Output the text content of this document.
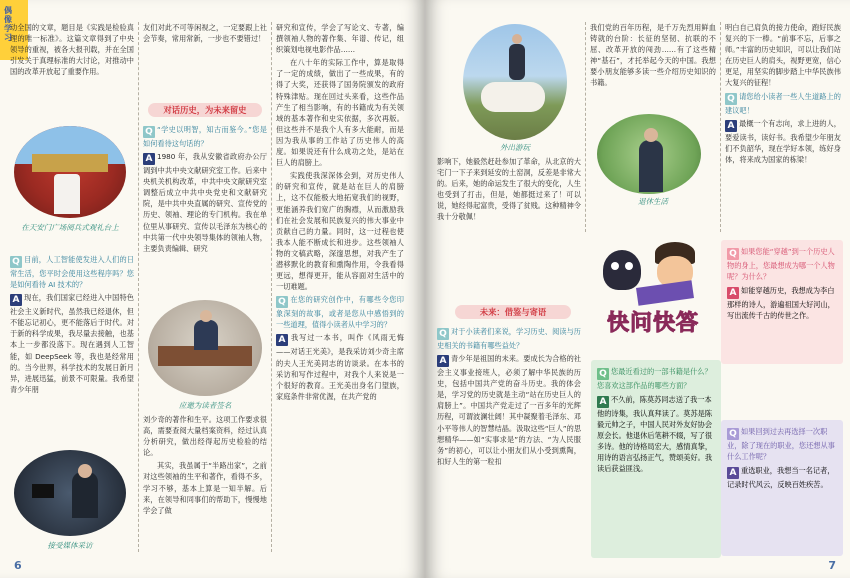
偶像学习

动全国的文章，题目是《实践是检验真理的唯一标准》。这篇文章得到了中央领导的重视，被各大报刊载，并在全国引发关于真理标准的大讨论，对推动中国的改革开放起了重要作用。

在天安门广场阅兵式观礼台上
Q 目前，人工智能使发进入人们的日常生活，您平时会使用这些程序吗？您是如何看待 AI 技术的？
A 现在，我们国家已经进入中国特色社会主义新时代，虽然我已经退休，但不能忘记初心，更不能落后于时代。对于新的科学成果，我尽量去接触，也基本上一步都没落下。现在遇到人工智能，如 DeepSeek 等，我也是经常用的。当今世界，科学技术的发展日新月异，进展迅猛，前景不可限量。我希望青少年朋
接受媒体采访

友们对此不可等闲视之，一定要跟上社会节奏，常用常新，一步也不要错过！

对话历史，为未来留史
Q “学史以明智，知古而鉴今。”您是如何看待这句话的？
A 1980 年，我从安徽省政府办公厅调到中共中央文献研究室工作。后来中央机关机构改革，中共中央文献研究室调整后成立中共中央党史和文献研究院，是中共中央直属的研究、宣传党的历史、领袖、理论的专门机构。我在单位里从事研究、宣传以毛泽东为核心的中共第一代中央领导集体的领袖人物，主要负责编辑、研究
应邀为读者签名

刘少奇的著作和生平。这项工作要求很高，需要查阅大量档案资料，经过认真分析研究，做出经得起历史检验的结论。

其实，我虽属于“半路出家”，之前对这些领袖的生平和著作，看得不多，学习不够，基本上算是一知半解。后来，在领导和同事们的帮助下，慢慢地学会了做

研究和宣传，学会了写论文、专著，编撰领袖人物的著作集、年谱、传记，组织策划电视电影作品……

在八十年的实际工作中，算是取得了一定的成绩，做出了一些成果，有的得了大奖，还获得了国务院颁发的政府特殊津贴。现在回过头来看，这些作品产生了相当影响，有的书籍成为有关领域的基本著作和史实依据，多次再版。但这些并不是我个人有多大能耐，而是因为我从事的工作站了历史伟人的高度。如果说还有什么成功之处，是站在巨人的肩膀上。

实践使我深深体会到，对历史伟人的研究和宣传，就是站在巨人的肩膀上，这不仅能极大地拓宽我们的视野，更能涵养我们宽广的胸襟，从而激励我们在社会发展和民族复兴的伟大事业中贡献自己的力量。同时，这一过程也使我本人能不断成长和进步。这些领袖人物的文稿武略，深邃思想，对我产生了潜移默化的教育和熏陶作用，令我看得更远，想得更开，能从容面对生活中的一切难题。

Q 在您的研究创作中，有哪些令您印象深刻的故事，或者是您从中感悟到的一些道理，值得小读者从中学习的？
A 我写过一本书，叫作《风雨无悔——对话王光美》，是我采访刘少奇主席的夫人王光美同志的访谈录。在本书的采访和写作过程中，对我个人来说是一个很好的教育。王光美出身名门望族，家庭条件非常优渥，在共产党的
6
外出游玩

影响下，她毅然赶赴参加了革命，从北京的大宅门一下子来到延安的土窑洞，反差是非常大的。后来，她的命运发生了很大的变化，人生也受到了打击，但是，她都挺过来了！可以说，她经得起富贵，受得了贫贱。这种精神令我十分敬佩！

未来：借鉴与寄语
Q 对于小读者们来说，学习历史、阅读与历史相关的书籍有哪些益处？
A 青少年是祖国的未来。要成长为合格的社会主义事业接班人，必须了解中华民族的历史，包括中国共产党的奋斗历史。我的体会是，学习党的历史就是主动“站在历史巨人的肩膀上”。中国共产党走过了一百多年的光辉历程，可谓波澜壮阔！其中凝聚着毛泽东、邓小平等伟人的智慧结晶。汲取这些“巨人”的思想精华——如“实事求是”的方法、“为人民服务”的初心，可以让小朋友们从小受到熏陶，扣好人生的第一粒扣

我们党的百年历程，是千万先烈用鲜血铸就的台阶：长征的坚韧、抗联的不屈、改革开放的闯劲……有了这些精神“基石”，才托举起今天的中国。我想要小朋友能够多读一些介绍历史知识的书籍。

退休生活

明白自己肩负的接力使命，跑好民族复兴的下一棒。“前事不忘，后事之师。”丰富的历史知识，可以让我们站在历史巨人的肩头，视野更宽，信心更足，用坚实的脚步踏上中华民族伟大复兴的征程！

Q 请您给小读者一些人生道路上的建议吧！
A 最概一个有志向，求上进的人，要爱读书，读好书。我希望少年朋友们不负韶华，现在学好本领，练好身体，将来成为国家的栋梁！
快问快答
Q 如果您能“穿越”到一个历史人物的身上，您最想成为哪一个人物呢？为什么？
A 如能穿越历史，我想成为李白那样的诗人，游遍祖国大好河山，写出流传千古的传世之作。
Q 您最近看过的一部书籍是什么？您喜欢这部作品的哪些方面？
A 不久前，陈莫苏同志送了我一本他的诗集，我认真拜读了。莫苏是陈毅元帅之子，中国人民对外友好协会原会长。他退休后笔耕不辍，写了很多诗。他的诗格局宏大，感情真挚，用诗的语言弘扬正气，赞颂美好。我读后获益匪浅。
Q 如果回到过去再选择一次职业，除了现在的职业，您还想从事什么工作呢？
A 重选职业，我想当一名记者，记录时代风云，反映百姓疾苦。
7
